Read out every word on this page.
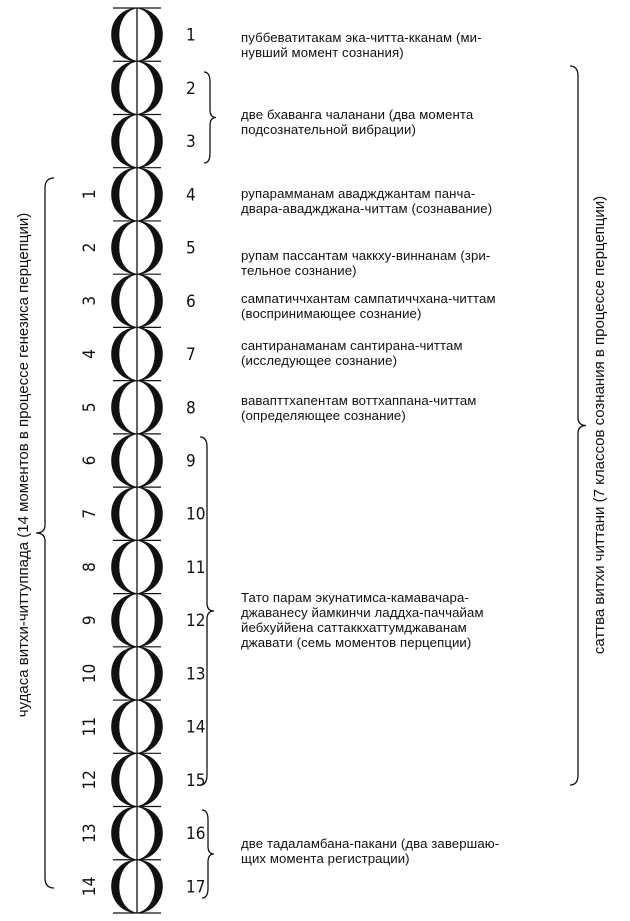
1
2
3
4
5
6
7
8
9
10
11
12
13
14
15
16
17
1
2
3
4
5
6
7
8
9
10
11
12
13
14
чудаса витхи-читтуппада (14 моментов в процессе генезиса перцепции)	саттва витхи читтани (7 классов сознания в процессе перцепции)
пуббеватитакам эка-читта-кканам (ми-
нувший момент сознания)
две бхаванга чаланани (два момента
подсознательной вибрации)
рупарамманам аваджджантам панча-
двара-аваджджана-читтам (сознавание)
рупам пассантам чаккху-виннанам (зри-
тельное сознание)
сампатиччхантам сампатиччхана-читтам
(воспринимающее сознание)
сантиранаманам сантирана-читтам
(исследующее сознание)
вавапттхапентам воттхаппана-читтам
(определяющее сознание)
Тато парам экунатимса-камавачара-
джаванесу йамкинчи ладдха-паччайам
йебхуййена саттаккхаттумджаванам
джавати (семь моментов перцепции)
две тадаламбана-пакани (два завершаю-
щих момента регистрации)
